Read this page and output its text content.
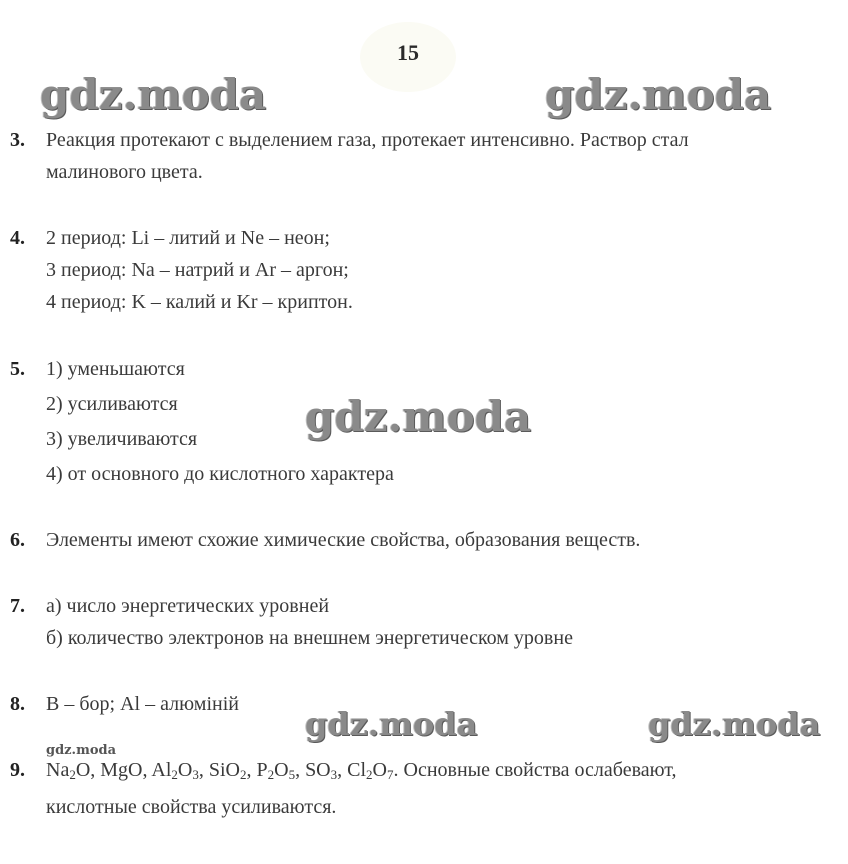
15
gdz.moda	gdz.moda
gdz.moda
gdz.moda	gdz.moda
gdz.moda
3.	Реакция протекают с выделением газа, протекает интенсивно. Раствор стал
малинового цвета.
4.	2 период: Li – литий и Ne – неон;
3 период: Na – натрий и Ar – аргон;
4 период: K – калий и Kr – криптон.
5.	1) уменьшаются
2) усиливаются
3) увеличиваются
4) от основного до кислотного характера
6.	Элементы имеют схожие химические свойства, образования веществ.
7.	а) число энергетических уровней
б) количество электронов на внешнем энергетическом уровне
8.	B – бор; Al – алюміній
9.	$Na_2O$, MgO, $Al_2O_3$, SiO$_2$, $P_2O_5$, $SO_3$, $Cl_2O_7$. Основные свойства ослабевают,
кислотные свойства усиливаются.
